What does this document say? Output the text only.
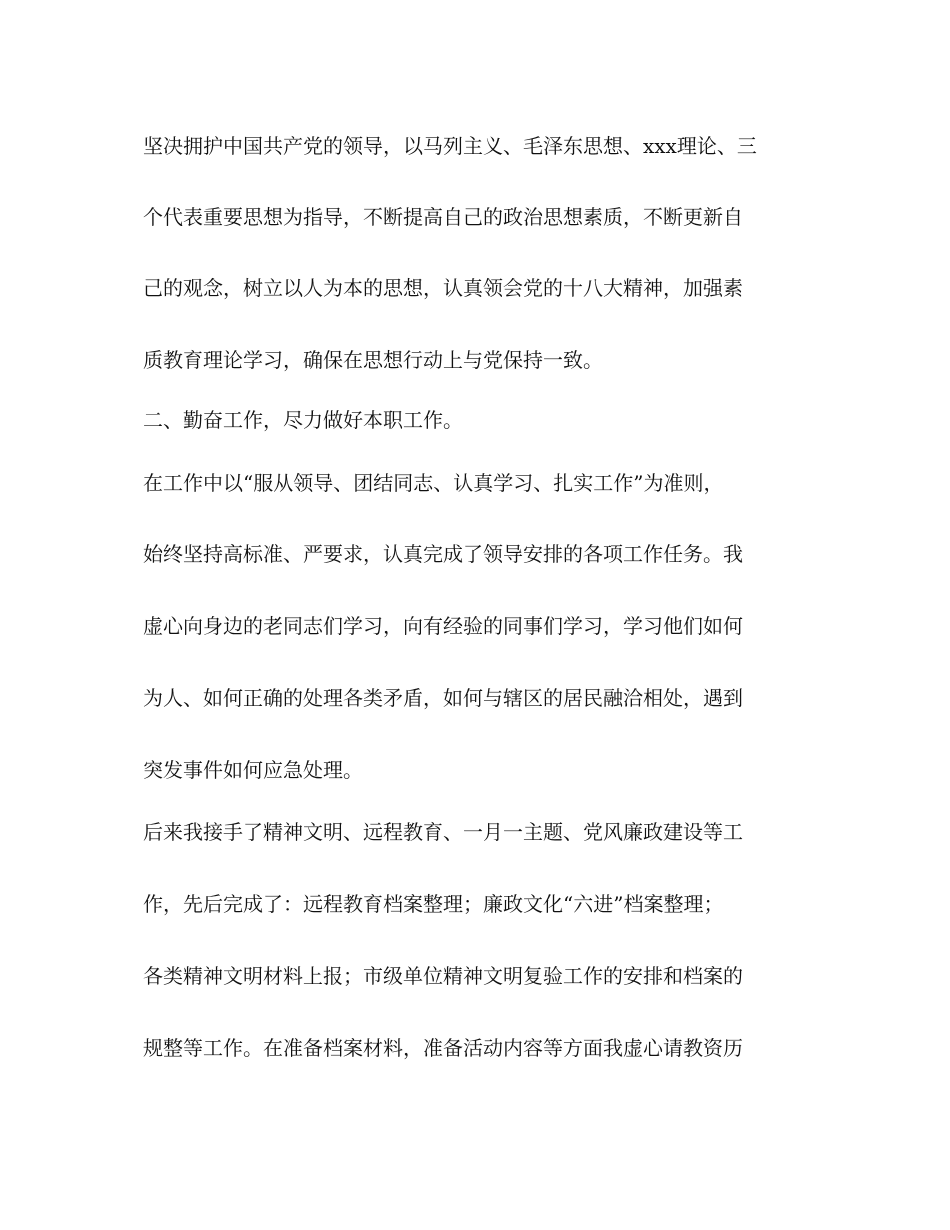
坚决拥护中国共产党的领导，以马列主义、毛泽东思想、xxx理论、三
个代表重要思想为指导，不断提高自己的政治思想素质，不断更新自
己的观念，树立以人为本的思想，认真领会党的十八大精神，加强素
质教育理论学习，确保在思想行动上与党保持一致。
二、勤奋工作，尽力做好本职工作。
在工作中以“服从领导、团结同志、认真学习、扎实工作”为准则，
始终坚持高标准、严要求，认真完成了领导安排的各项工作任务。我
虚心向身边的老同志们学习，向有经验的同事们学习，学习他们如何
为人、如何正确的处理各类矛盾，如何与辖区的居民融洽相处，遇到
突发事件如何应急处理。
后来我接手了精神文明、远程教育、一月一主题、党风廉政建设等工
作，先后完成了：远程教育档案整理；廉政文化“六进”档案整理；
各类精神文明材料上报；市级单位精神文明复验工作的安排和档案的
规整等工作。在准备档案材料，准备活动内容等方面我虚心请教资历
